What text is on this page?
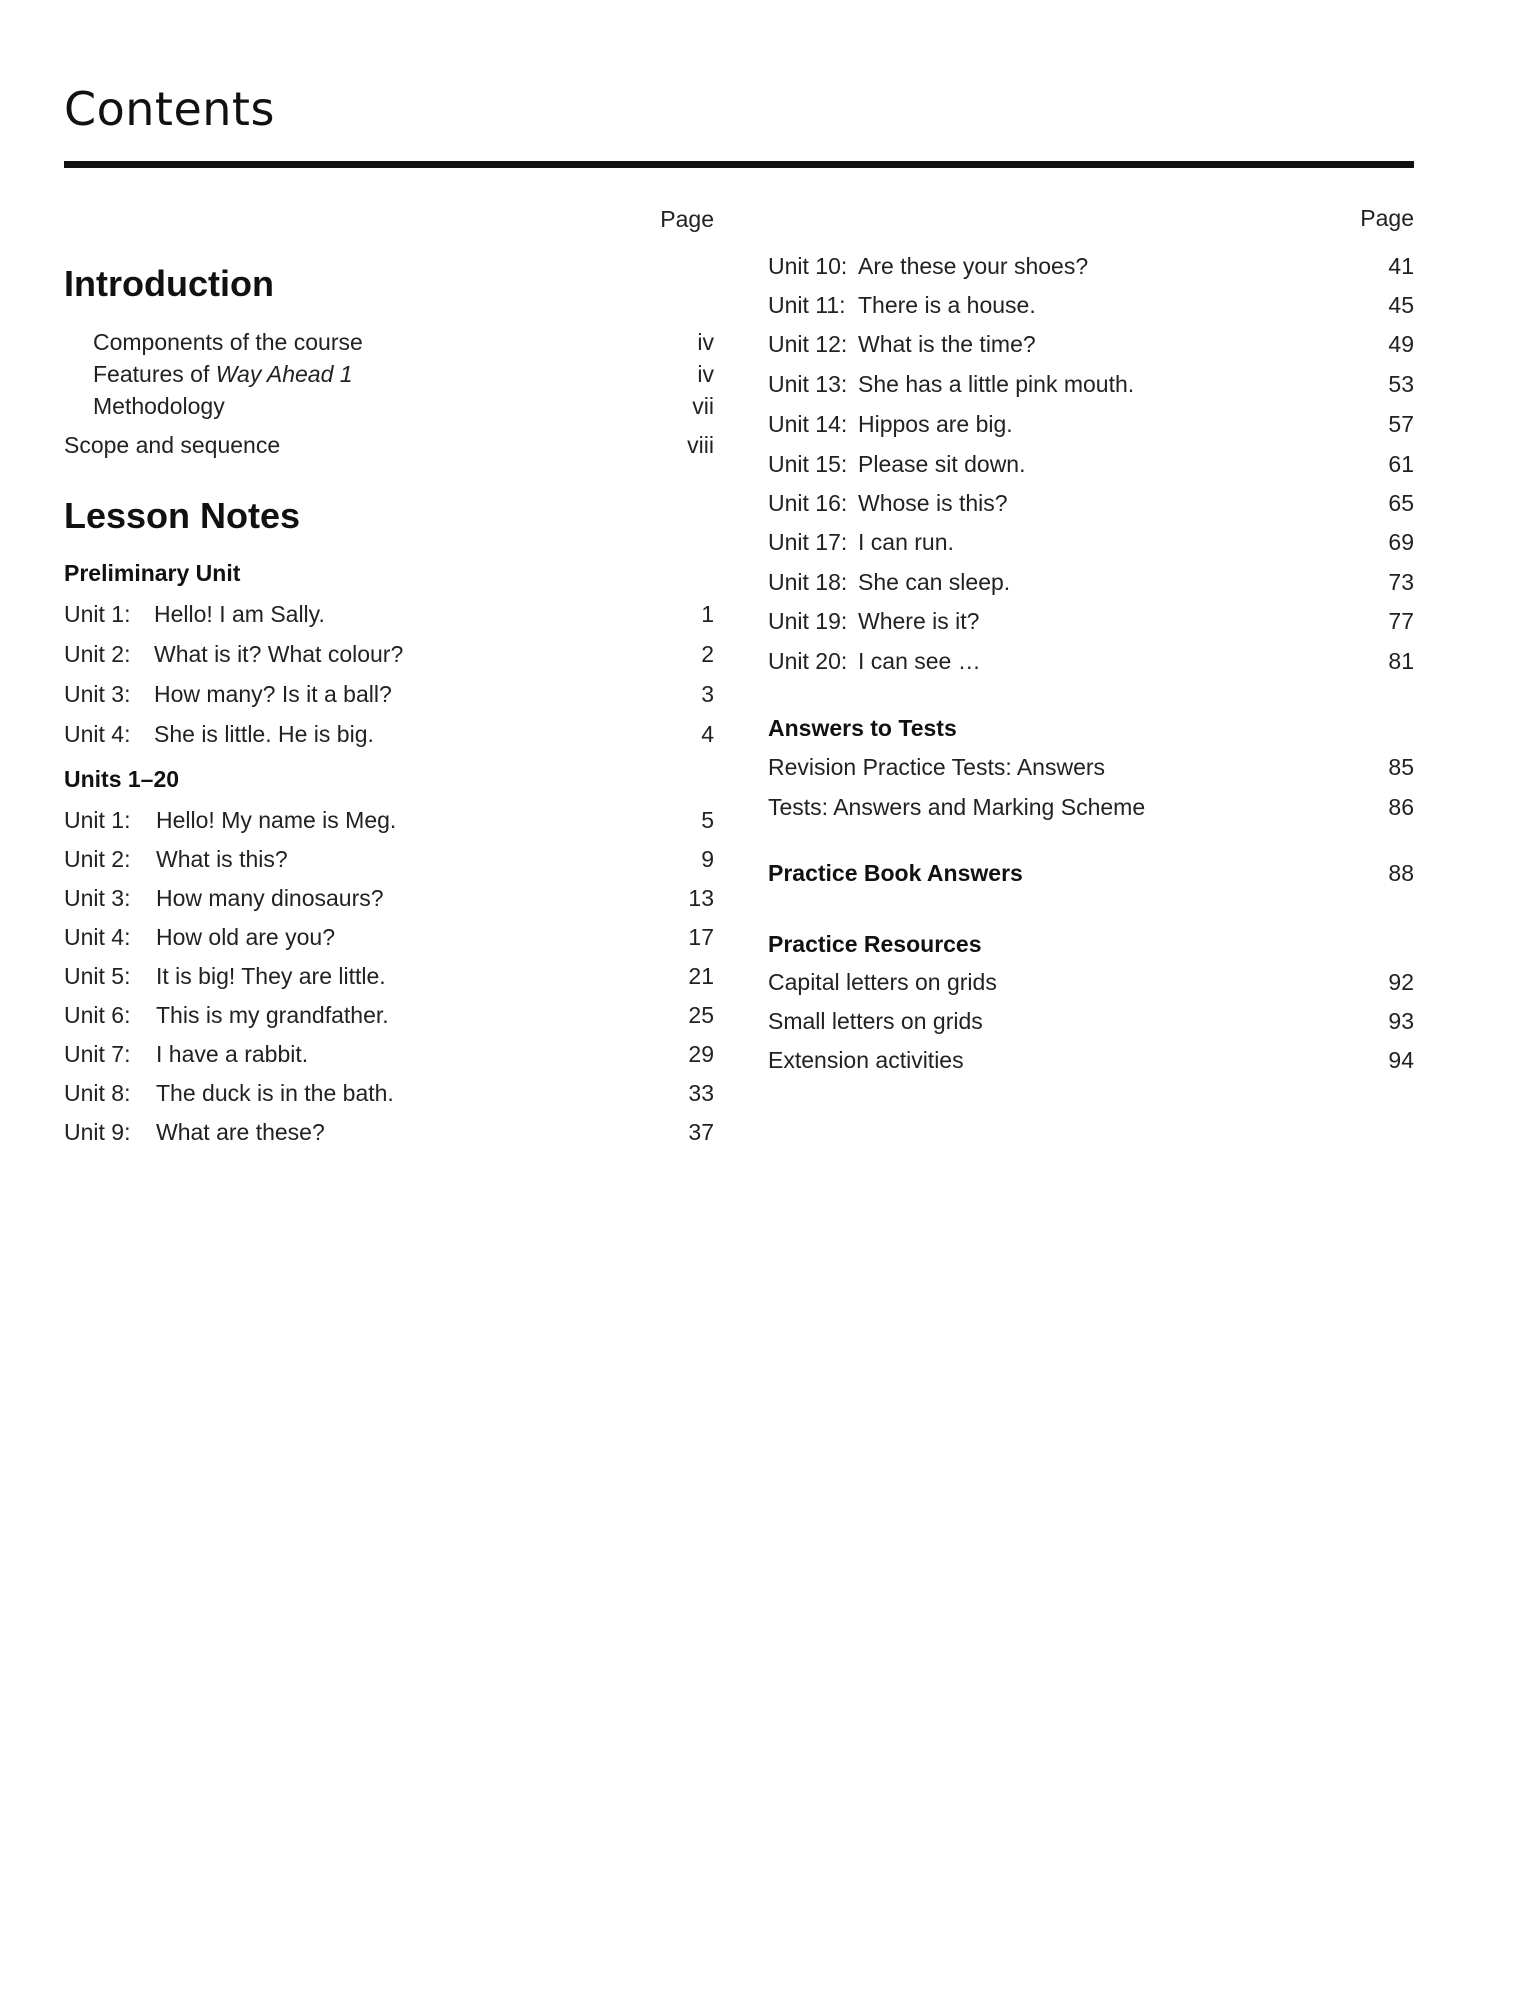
Contents
Page
Introduction
Components of the course	iv
Features of Way Ahead 1	iv
Methodology	vii
Scope and sequence	viii
Lesson Notes
Preliminary Unit
Unit 1: Hello! I am Sally.	1
Unit 2: What is it? What colour?	2
Unit 3: How many? Is it a ball?	3
Unit 4: She is little. He is big.	4
Units 1–20
Unit 1: Hello! My name is Meg.	5
Unit 2: What is this?	9
Unit 3: How many dinosaurs?	13
Unit 4: How old are you?	17
Unit 5: It is big! They are little.	21
Unit 6: This is my grandfather.	25
Unit 7: I have a rabbit.	29
Unit 8: The duck is in the bath.	33
Unit 9: What are these?	37
Page
Unit 10: Are these your shoes?	41
Unit 11: There is a house.	45
Unit 12: What is the time?	49
Unit 13: She has a little pink mouth.	53
Unit 14: Hippos are big.	57
Unit 15: Please sit down.	61
Unit 16: Whose is this?	65
Unit 17: I can run.	69
Unit 18: She can sleep.	73
Unit 19: Where is it?	77
Unit 20: I can see …	81
Answers to Tests
Revision Practice Tests: Answers	85
Tests: Answers and Marking Scheme	86
Practice Book Answers	88
Practice Resources
Capital letters on grids	92
Small letters on grids	93
Extension activities	94
